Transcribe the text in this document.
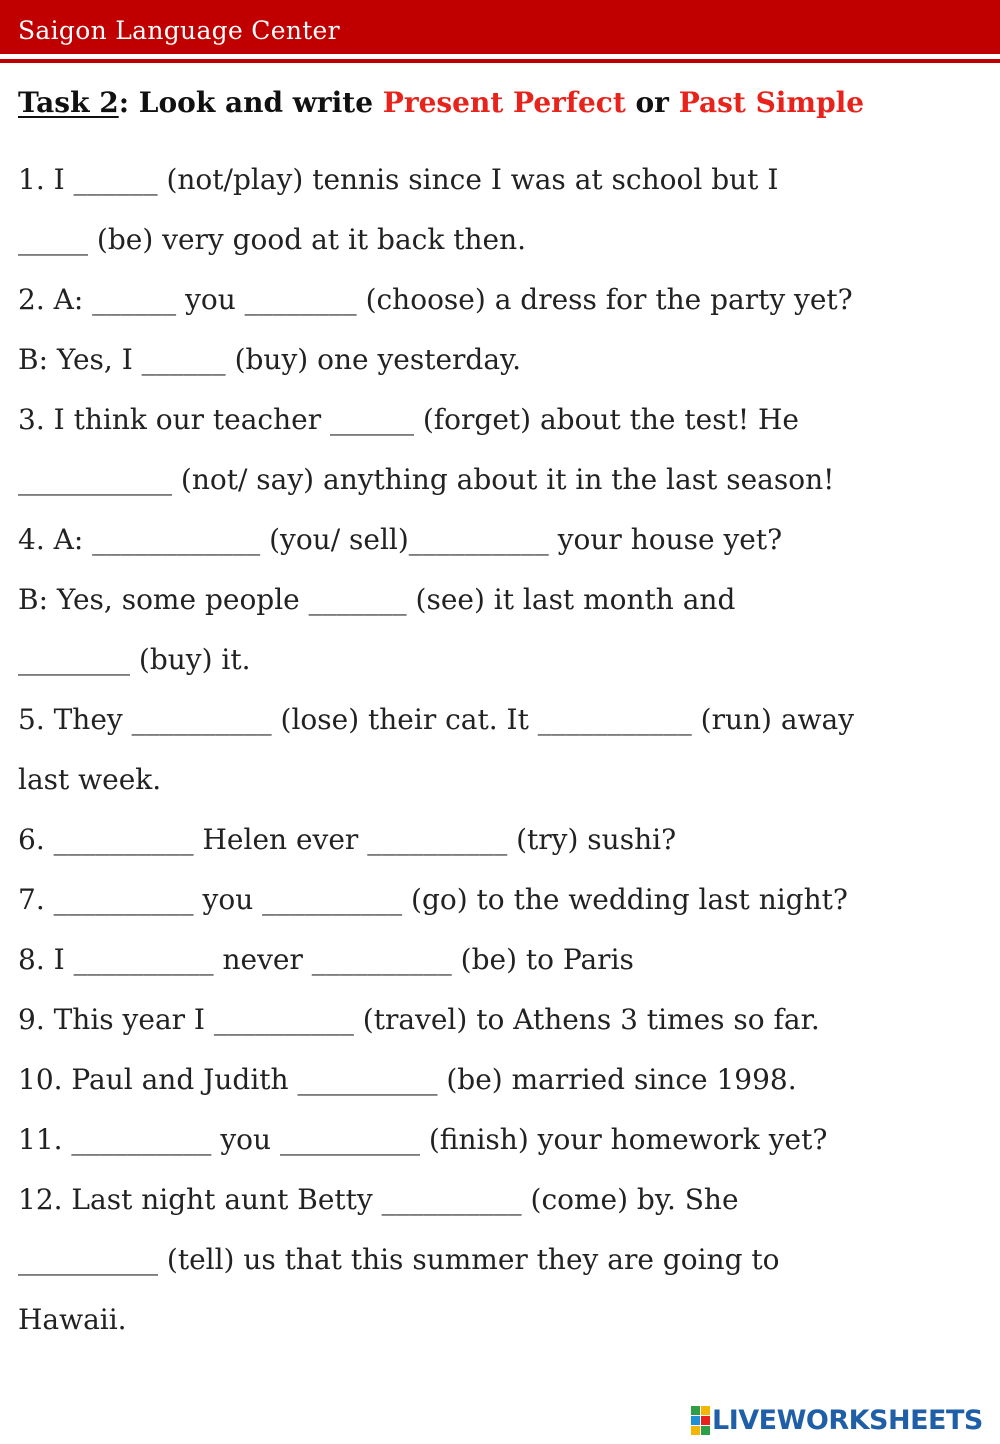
Saigon Language Center
Task 2: Look and write Present Perfect or Past Simple
1. I ______ (not/play) tennis since I was at school but I
_____ (be) very good at it back then.
2. A: ______ you ________ (choose) a dress for the party yet?
B: Yes, I ______ (buy) one yesterday.
3. I think our teacher ______ (forget) about the test! He
___________ (not/ say) anything about it in the last season!
4. A: ____________ (you/ sell)__________ your house yet?
B: Yes, some people _______ (see) it last month and
________ (buy) it.
5. They __________ (lose) their cat. It ___________ (run) away
last week.
6. __________ Helen ever __________ (try) sushi?
7. __________ you __________ (go) to the wedding last night?
8. I __________ never __________ (be) to Paris
9. This year I __________ (travel) to Athens 3 times so far.
10. Paul and Judith __________ (be) married since 1998.
11. __________ you __________ (finish) your homework yet?
12. Last night aunt Betty __________ (come) by. She
__________ (tell) us that this summer they are going to
Hawaii.
LIVEWORKSHEETS
